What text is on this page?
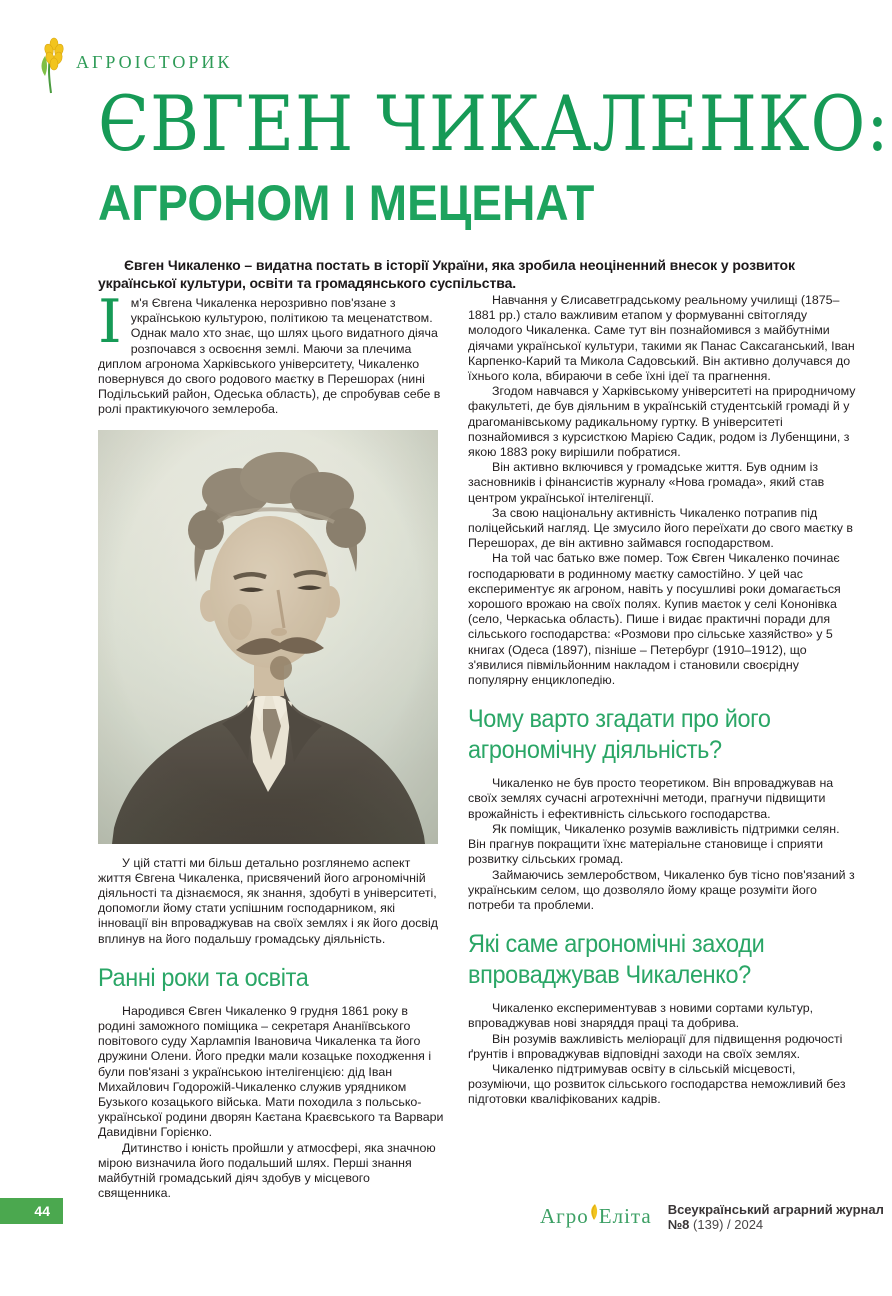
АГРОІСТОРИК
ЄВГЕН ЧИКАЛЕНКО:
АГРОНОМ І МЕЦЕНАТ

Євген Чикаленко – видатна постать в історії України, яка зробила неоціненний внесок у розвиток української культури, освіти та громадянського суспільства.

Ім'я Євгена Чикаленка нерозривно пов'язане з українською культурою, політикою та меценатством. Однак мало хто знає, що шлях цього видатного діяча розпочався з освоєння землі. Маючи за плечима диплом агронома Харківського університету, Чикаленко повернувся до свого родового маєтку в Перешорах (нині Подільський район, Одеська область), де спробував себе в ролі практикуючого землероба.

У цій статті ми більш детально розглянемо аспект життя Євгена Чикаленка, присвячений його агрономічній діяльності та дізнаємося, як знання, здобуті в університеті, допомогли йому стати успішним господарником, які інновації він впроваджував на своїх землях і як його досвід вплинув на його подальшу громадську діяльність.

Ранні роки та освіта

Народився Євген Чикаленко 9 грудня 1861 року в родині заможного поміщика – секретаря Ананіївського повітового суду Харлампія Івановича Чикаленка та його дружини Олени. Його предки мали козацьке походження і були пов'язані з українською інтелігенцією: дід Іван Михайлович Годорожій-Чикаленко служив урядником Бузького козацького війська. Мати походила з польсько-української родини дворян Каєтана Краєвського та Варвари Давидівни Горієнко.

Дитинство і юність пройшли у атмосфері, яка значною мірою визначила його подальший шлях. Перші знання майбутній громадський діяч здобув у місцевого священника.

Навчання у Єлисаветградському реальному училищі (1875–1881 рр.) стало важливим етапом у формуванні світогляду молодого Чикаленка. Саме тут він познайомився з майбутніми діячами української культури, такими як Панас Саксаганський, Іван Карпенко-Карий та Микола Садовський. Він активно долучався до їхнього кола, вбираючи в себе їхні ідеї та прагнення.

Згодом навчався у Харківському університеті на природничому факультеті, де був діяльним в українській студентській громаді й у драгоманівському радикальному гуртку. В університеті познайомився з курсисткою Марією Садик, родом із Лубенщини, з якою 1883 року вирішили побратися.

Він активно включився у громадське життя. Був одним із засновників і фінансистів журналу «Нова громада», який став центром української інтелігенції.

За свою національну активність Чикаленко потрапив під поліцейський нагляд. Це змусило його переїхати до свого маєтку в Перешорах, де він активно займався господарством.

На той час батько вже помер. Тож Євген Чикаленко починає господарювати в родинному маєтку самостійно. У цей час експериментує як агроном, навіть у посушливі роки домагається хорошого врожаю на своїх полях. Купив маєток у селі Кононівка (село, Черкаська область). Пише і видає практичні поради для сільського господарства: «Розмови про сільське хазяйство» у 5 книгах (Одеса (1897), пізніше – Петербург (1910–1912), що з'явилися півмільйонним накладом і становили своєрідну популярну енциклопедію.

Чому варто згадати про його агрономічну діяльність?

Чикаленко не був просто теоретиком. Він впроваджував на своїх землях сучасні агротехнічні методи, прагнучи підвищити врожайність і ефективність сільського господарства.

Як поміщик, Чикаленко розумів важливість підтримки селян. Він прагнув покращити їхнє матеріальне становище і сприяти розвитку сільських громад.

Займаючись землеробством, Чикаленко був тісно пов'язаний з українським селом, що дозволяло йому краще розуміти його потреби та проблеми.

Які саме агрономічні заходи впроваджував Чикаленко?

Чикаленко експериментував з новими сортами культур, впроваджував нові знаряддя праці та добрива.

Він розумів важливість меліорації для підвищення родючості ґрунтів і впроваджував відповідні заходи на своїх землях.

Чикаленко підтримував освіту в сільській місцевості, розуміючи, що розвиток сільського господарства неможливий без підготовки кваліфікованих кадрів.

44	Агро Еліта Всеукраїнський аграрний журнал №8 (139) / 2024
